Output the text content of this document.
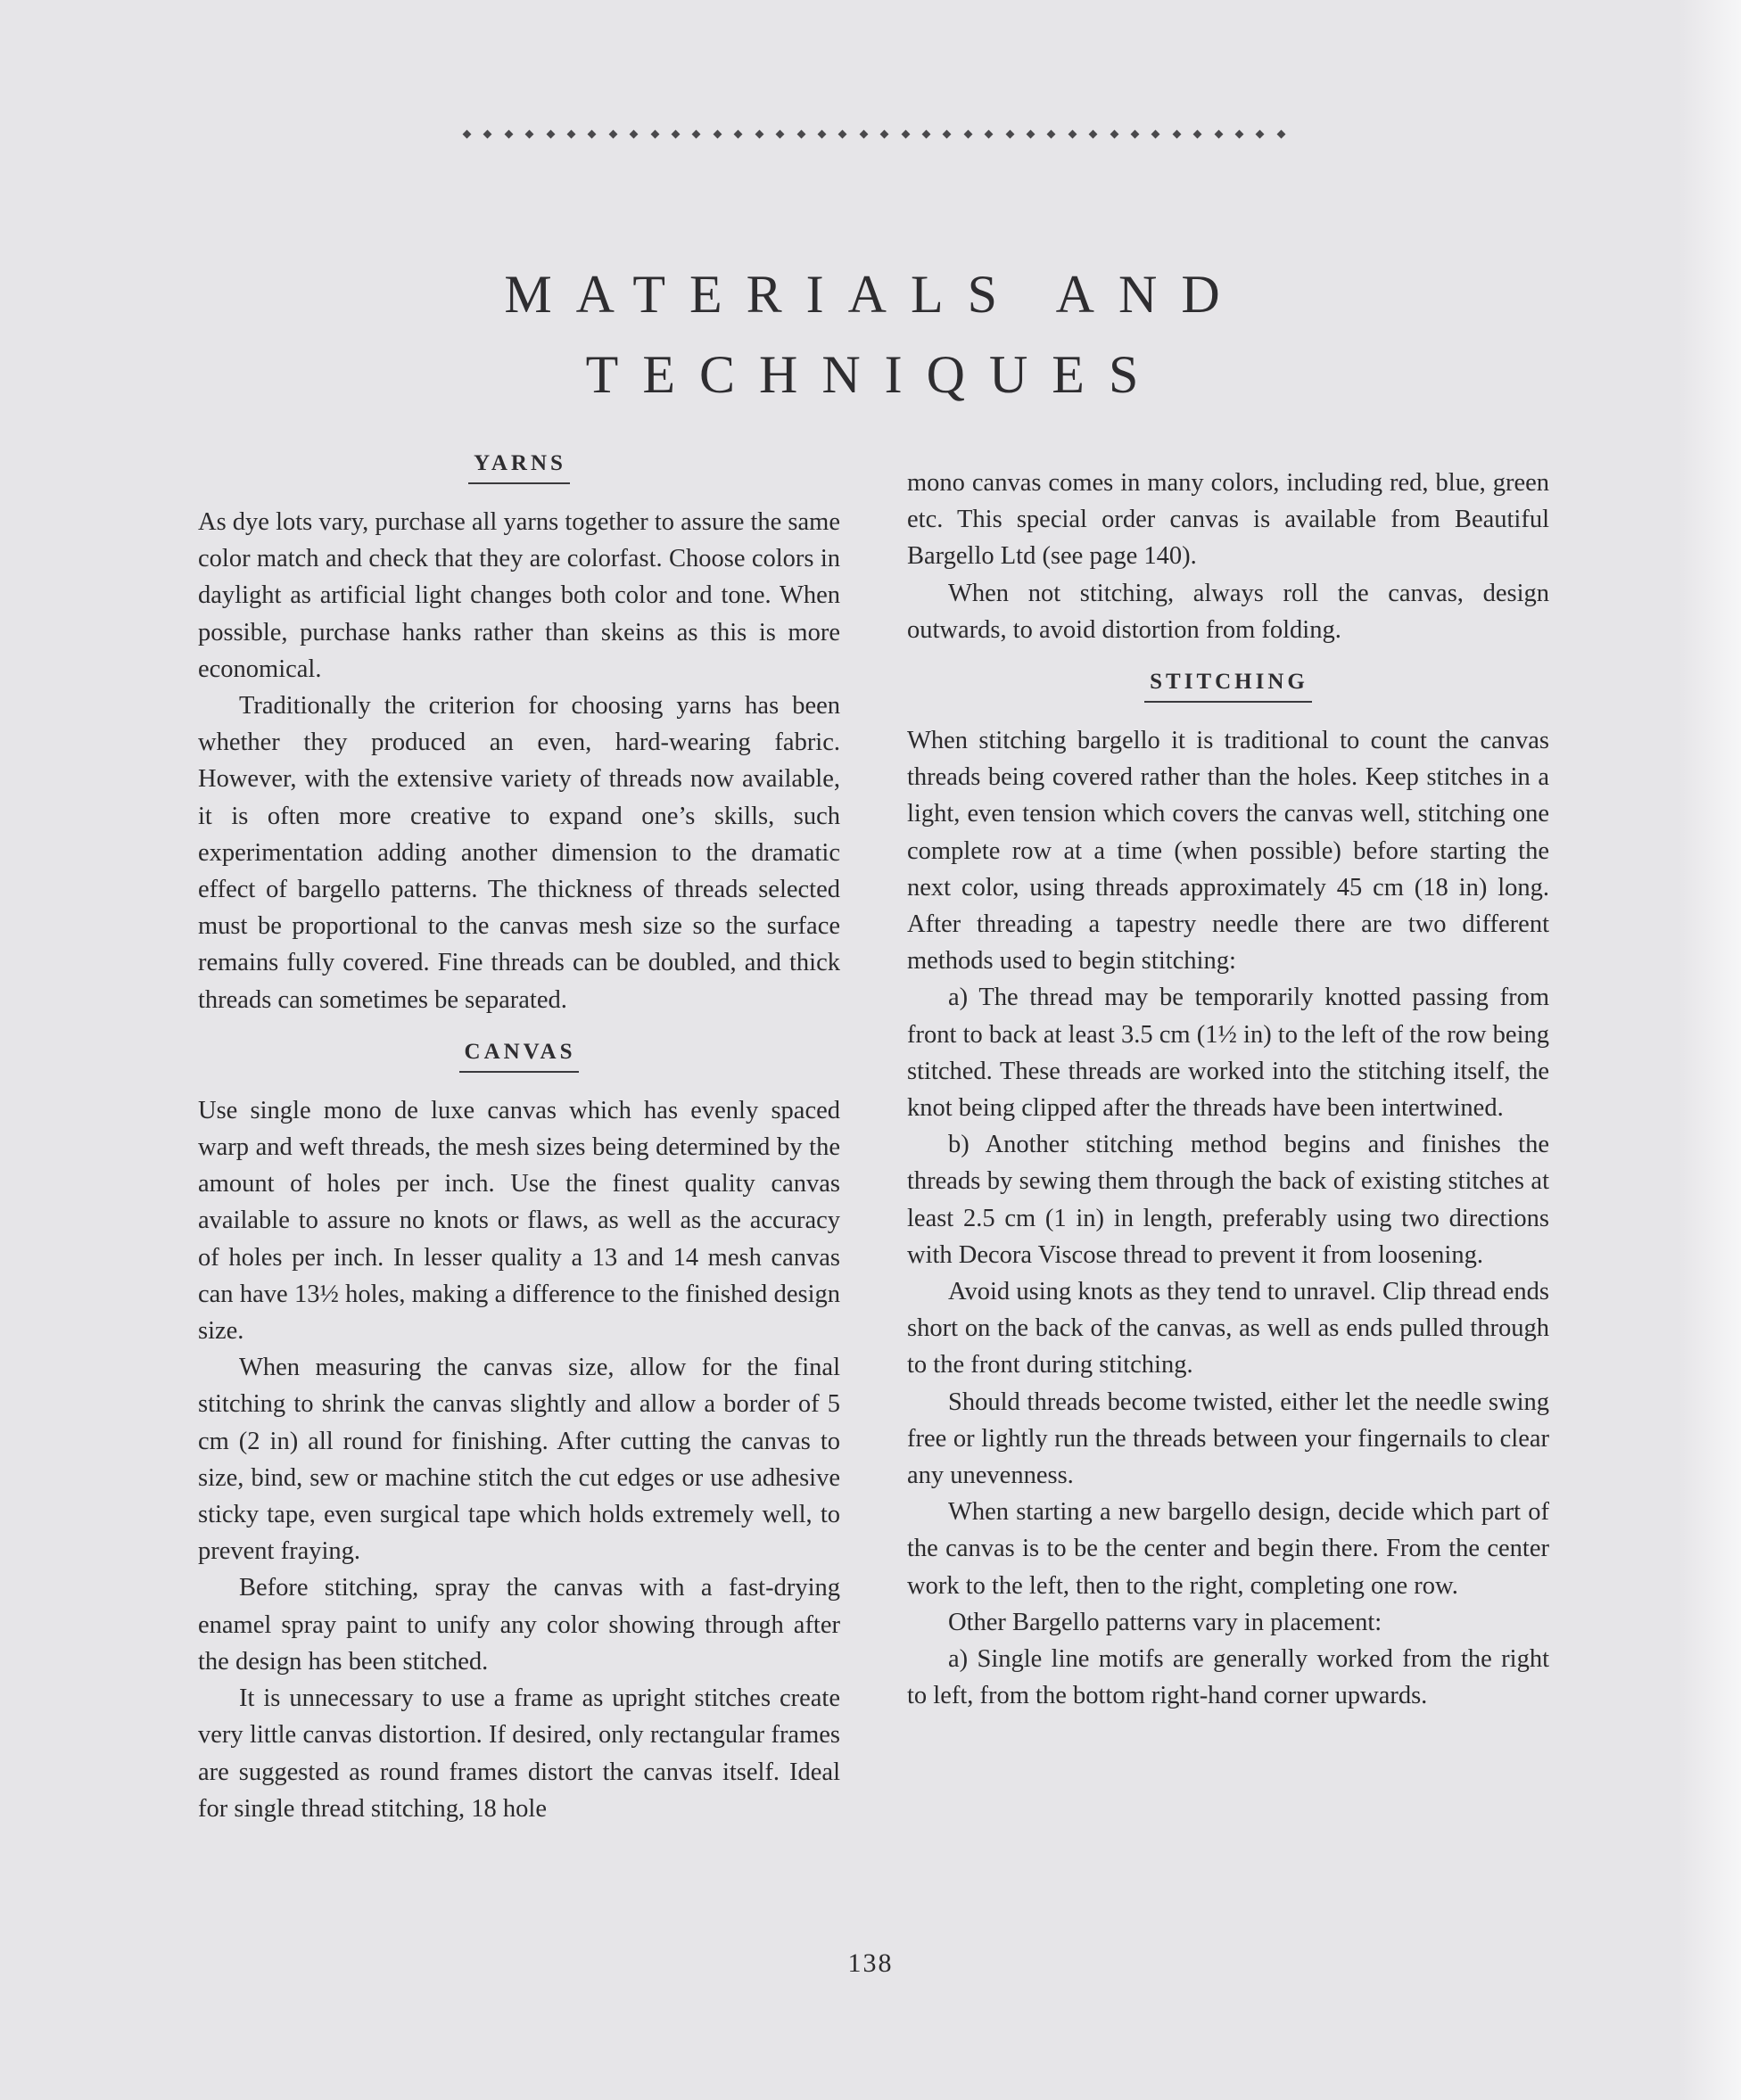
MATERIALS AND
TECHNIQUES
YARNS

As dye lots vary, purchase all yarns together to assure the same color match and check that they are colorfast. Choose colors in daylight as artificial light changes both color and tone. When possible, purchase hanks rather than skeins as this is more economical.

Traditionally the criterion for choosing yarns has been whether they produced an even, hard-wearing fabric. However, with the extensive variety of threads now available, it is often more creative to expand one’s skills, such experimentation adding another dimension to the dramatic effect of bargello patterns. The thickness of threads selected must be proportional to the canvas mesh size so the surface remains fully covered. Fine threads can be doubled, and thick threads can sometimes be separated.

CANVAS

Use single mono de luxe canvas which has evenly spaced warp and weft threads, the mesh sizes being determined by the amount of holes per inch. Use the finest quality canvas available to assure no knots or flaws, as well as the accuracy of holes per inch. In lesser quality a 13 and 14 mesh canvas can have 13½ holes, making a difference to the finished design size.

When measuring the canvas size, allow for the final stitching to shrink the canvas slightly and allow a border of 5 cm (2 in) all round for finishing. After cutting the canvas to size, bind, sew or machine stitch the cut edges or use adhesive sticky tape, even surgical tape which holds extremely well, to prevent fraying.

Before stitching, spray the canvas with a fast-drying enamel spray paint to unify any color showing through after the design has been stitched.

It is unnecessary to use a frame as upright stitches create very little canvas distortion. If desired, only rectangular frames are suggested as round frames distort the canvas itself. Ideal for single thread stitching, 18 hole

mono canvas comes in many colors, including red, blue, green etc. This special order canvas is available from Beautiful Bargello Ltd (see page 140).

When not stitching, always roll the canvas, design outwards, to avoid distortion from folding.

STITCHING

When stitching bargello it is traditional to count the canvas threads being covered rather than the holes. Keep stitches in a light, even tension which covers the canvas well, stitching one complete row at a time (when possible) before starting the next color, using threads approximately 45 cm (18 in) long. After threading a tapestry needle there are two different methods used to begin stitching:

a) The thread may be temporarily knotted passing from front to back at least 3.5 cm (1½ in) to the left of the row being stitched. These threads are worked into the stitching itself, the knot being clipped after the threads have been intertwined.

b) Another stitching method begins and finishes the threads by sewing them through the back of existing stitches at least 2.5 cm (1 in) in length, preferably using two directions with Decora Viscose thread to prevent it from loosening.

Avoid using knots as they tend to unravel. Clip thread ends short on the back of the canvas, as well as ends pulled through to the front during stitching.

Should threads become twisted, either let the needle swing free or lightly run the threads between your fingernails to clear any unevenness.

When starting a new bargello design, decide which part of the canvas is to be the center and begin there. From the center work to the left, then to the right, completing one row.

Other Bargello patterns vary in placement:

a) Single line motifs are generally worked from the right to left, from the bottom right-hand corner upwards.

138
